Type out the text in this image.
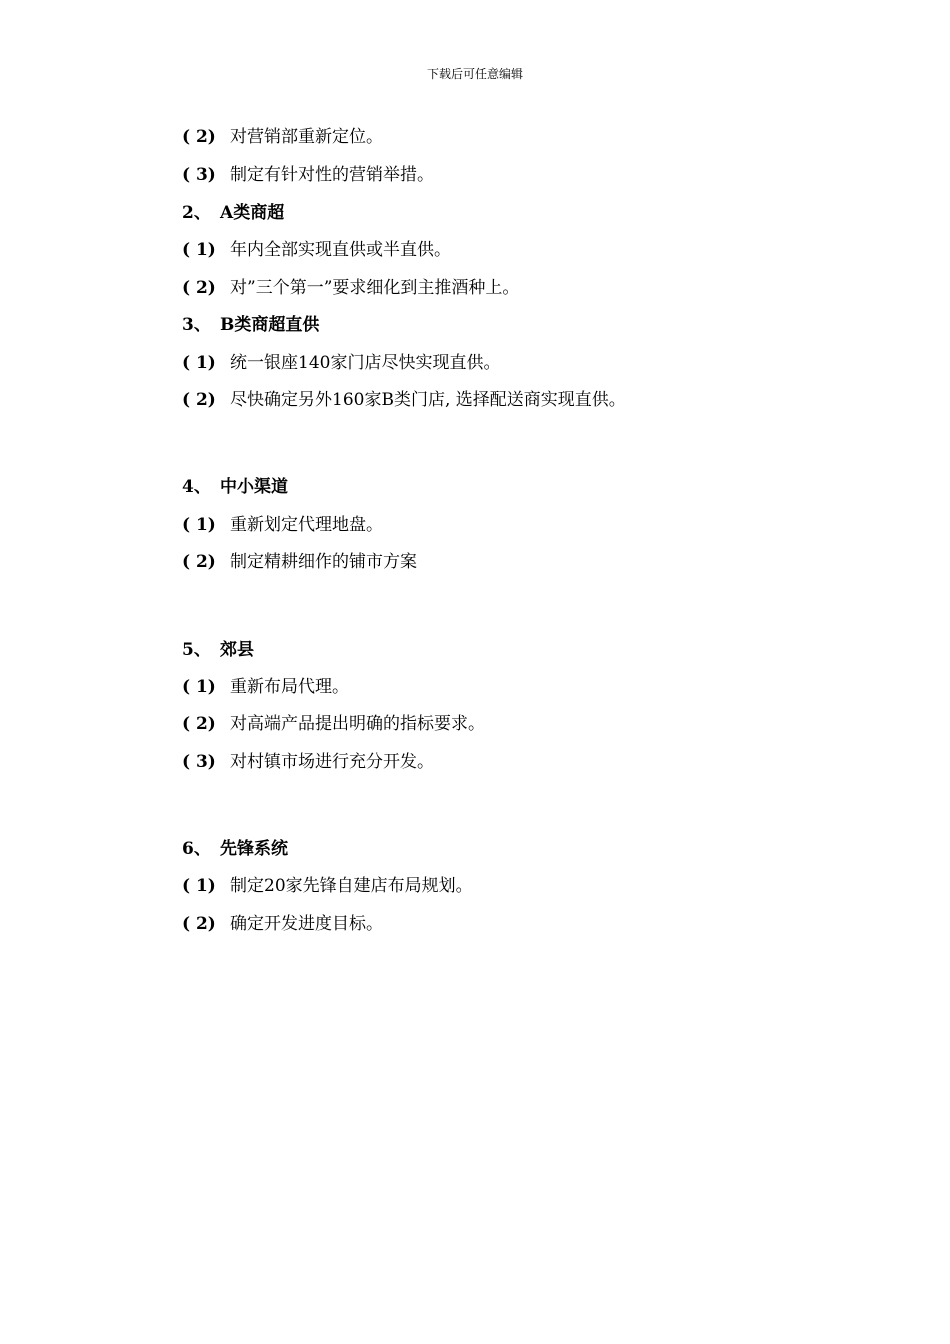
下载后可任意编辑
( 2) 对营销部重新定位。
( 3) 制定有针对性的营销举措。
2、 A类商超
( 1) 年内全部实现直供或半直供。
( 2) 对”三个第一”要求细化到主推酒种上。
3、 B类商超直供
( 1) 统一银座140家门店尽快实现直供。
( 2) 尽快确定另外160家B类门店, 选择配送商实现直供。
4、 中小渠道
( 1) 重新划定代理地盘。
( 2) 制定精耕细作的铺市方案
5、 郊县
( 1) 重新布局代理。
( 2) 对高端产品提出明确的指标要求。
( 3) 对村镇市场进行充分开发。
6、 先锋系统
( 1) 制定20家先锋自建店布局规划。
( 2) 确定开发进度目标。
